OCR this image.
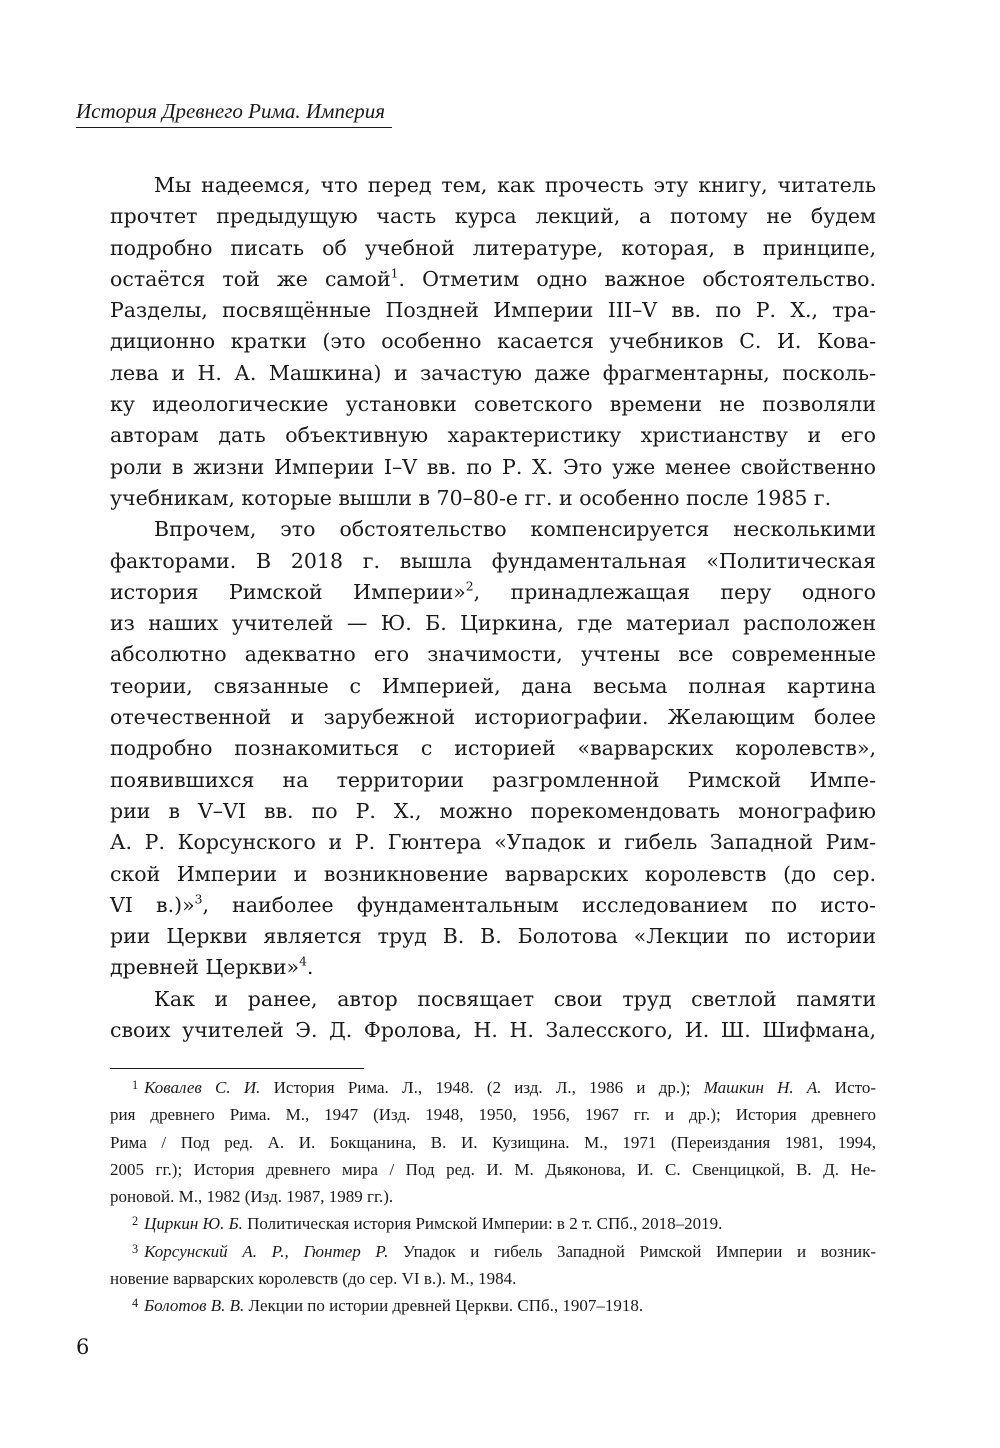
История Древнего Рима. Империя
Мы надеемся, что перед тем, как прочесть эту книгу, читатель
прочтет предыдущую часть курса лекций, а потому не будем
подробно писать об учебной литературе, которая, в принципе,
остаётся той же самой$^1$. Отметим одно важное обстоятельство.
Разделы, посвящённые Поздней Империи III–V вв. по Р. Х., тра-
диционно кратки (это особенно касается учебников С. И. Кова-
лева и Н. А. Машкина) и зачастую даже фрагментарны, посколь-
ку идеологические установки советского времени не позволяли
авторам дать объективную характеристику христианству и его
роли в жизни Империи I–V вв. по Р. Х. Это уже менее свойственно
учебникам, которые вышли в 70–80-е гг. и особенно после 1985 г.
Впрочем, это обстоятельство компенсируется несколькими
факторами. В 2018 г. вышла фундаментальная «Политическая
история Римской Империи»$^2$, принадлежащая перу одного
из наших учителей — Ю. Б. Циркина, где материал расположен
абсолютно адекватно его значимости, учтены все современные
теории, связанные с Империей, дана весьма полная картина
отечественной и зарубежной историографии. Желающим более
подробно познакомиться с историей «варварских королевств»,
появившихся на территории разгромленной Римской Импе-
рии в V–VI вв. по Р. Х., можно порекомендовать монографию
А. Р. Корсунского и Р. Гюнтера «Упадок и гибель Западной Рим-
ской Империи и возникновение варварских королевств (до сер.
VI в.)»$^3$, наиболее фундаментальным исследованием по исто-
рии Церкви является труд В. В. Болотова «Лекции по истории
древней Церкви»$^4$.
Как и ранее, автор посвящает свои труд светлой памяти
своих учителей Э. Д. Фролова, Н. Н. Залесского, И. Ш. Шифмана,
$^1$ Ковалев С. И. История Рима. Л., 1948. (2 изд. Л., 1986 и др.); Машкин Н. А. Исто-
рия древнего Рима. М., 1947 (Изд. 1948, 1950, 1956, 1967 гг. и др.); История древнего
Рима / Под ред. А. И. Бокщанина, В. И. Кузищина. М., 1971 (Переиздания 1981, 1994,
2005 гг.); История древнего мира / Под ред. И. М. Дьяконова, И. С. Свенцицкой, В. Д. Не-
роновой. М., 1982 (Изд. 1987, 1989 гг.).
$^2$ Циркин Ю. Б. Политическая история Римской Империи: в 2 т. СПб., 2018–2019.
$^3$ Корсунский А. Р., Гюнтер Р. Упадок и гибель Западной Римской Империи и возник-
новение варварских королевств (до сер. VI в.). М., 1984.
$^4$ Болотов В. В. Лекции по истории древней Церкви. СПб., 1907–1918.
6
